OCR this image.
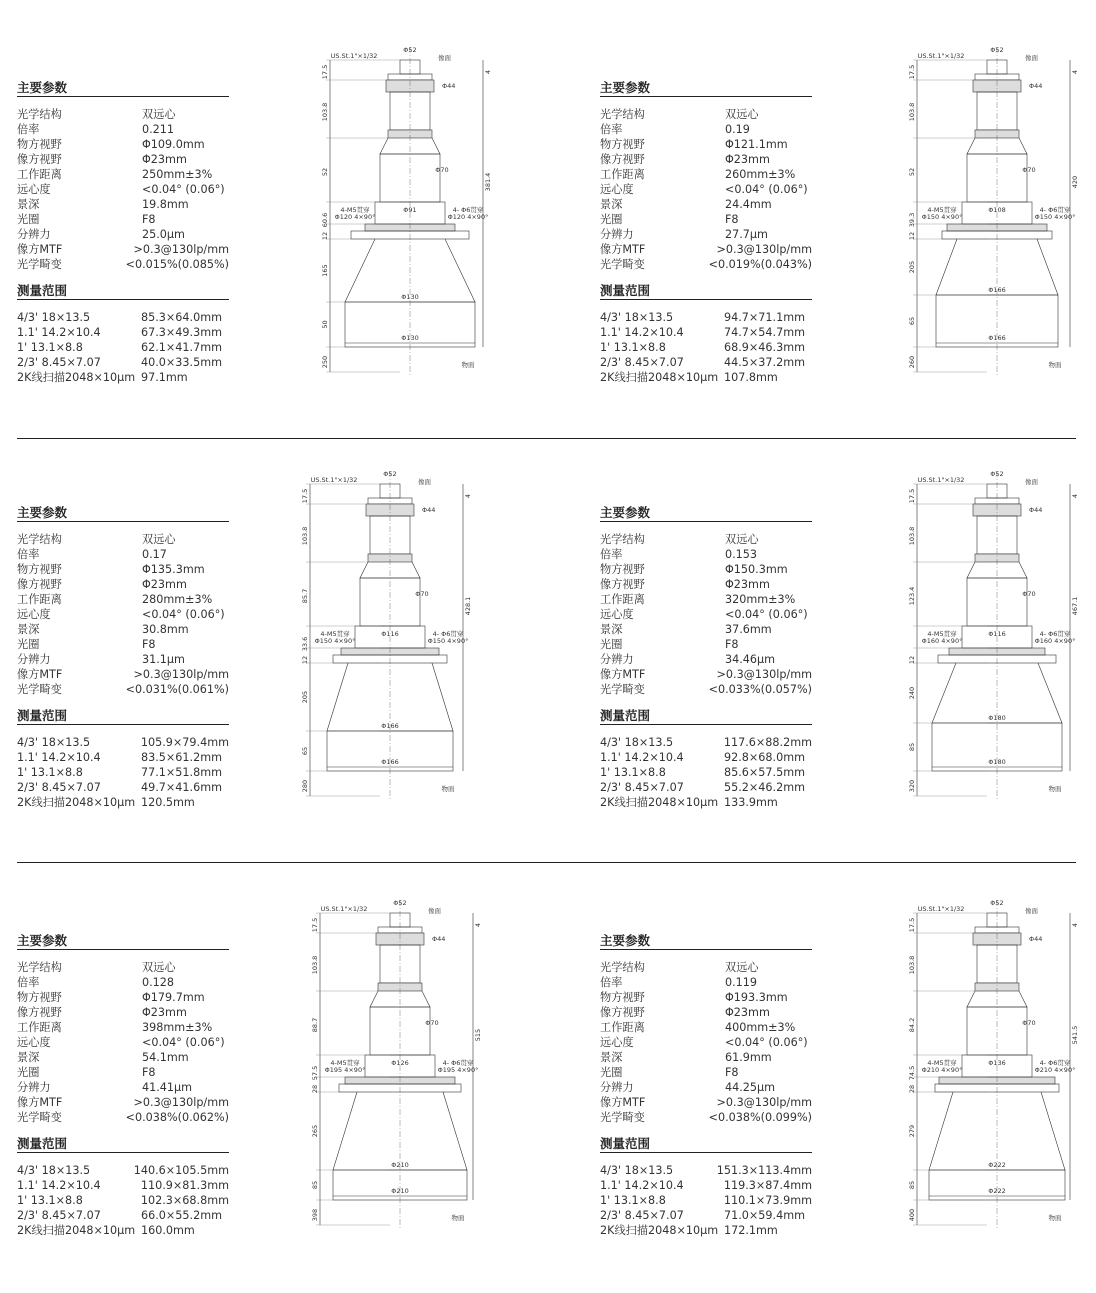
主要参数
光学结构	双远心
倍率	0.211
物方视野	Φ109.0mm
像方视野	Φ23mm
工作距离	250mm±3%
远心度	<0.04° (0.06°)
景深	19.8mm
光圈	F8
分辨力	25.0μm
像方MTF	>0.3@130lp/mm
光学畸变	<0.015%(0.085%)
测量范围
4/3' 18×13.5	85.3×64.0mm
1.1' 14.2×10.4	67.3×49.3mm
1' 13.1×8.8	62.1×41.7mm
2/3' 8.45×7.07	40.0×33.5mm
2K线扫描2048×10μm 97.1mm
Φ52
Φ44
Φ70
Φ91
Φ130
Φ130
4-M5贯穿
Φ120 4×90°
4- Φ6贯穿
Φ120 4×90°
US.St.1"×1/32	像面
物面
17.5
103.8
52
60.6
12
165
50
250
381.4
4
主要参数
光学结构	双远心
倍率	0.19
物方视野	Φ121.1mm
像方视野	Φ23mm
工作距离	260mm±3%
远心度	<0.04° (0.06°)
景深	24.4mm
光圈	F8
分辨力	27.7μm
像方MTF	>0.3@130lp/mm
光学畸变	<0.019%(0.043%)
测量范围
4/3' 18×13.5	94.7×71.1mm
1.1' 14.2×10.4	74.7×54.7mm
1' 13.1×8.8	68.9×46.3mm
2/3' 8.45×7.07	44.5×37.2mm
2K线扫描2048×10μm 107.8mm
Φ52
Φ44
Φ70
Φ108
Φ166
Φ166
4-M5贯穿
Φ150 4×90°
4- Φ6贯穿
Φ150 4×90°
US.St.1"×1/32	像面
物面
17.5
103.8
52
39.3
12
205
65
260
420
4
主要参数
光学结构	双远心
倍率	0.17
物方视野	Φ135.3mm
像方视野	Φ23mm
工作距离	280mm±3%
远心度	<0.04° (0.06°)
景深	30.8mm
光圈	F8
分辨力	31.1μm
像方MTF	>0.3@130lp/mm
光学畸变	<0.031%(0.061%)
测量范围
4/3' 18×13.5	105.9×79.4mm
1.1' 14.2×10.4	83.5×61.2mm
1' 13.1×8.8	77.1×51.8mm
2/3' 8.45×7.07	49.7×41.6mm
2K线扫描2048×10μm 120.5mm
Φ52
Φ44
Φ70
Φ116
Φ166
Φ166
4-M5贯穿
Φ150 4×90°
4- Φ6贯穿
Φ150 4×90°
US.St.1"×1/32	像面
物面
17.5
103.8
85.7
33.6
12
205
65
280
428.1
4
主要参数
光学结构	双远心
倍率	0.153
物方视野	Φ150.3mm
像方视野	Φ23mm
工作距离	320mm±3%
远心度	<0.04° (0.06°)
景深	37.6mm
光圈	F8
分辨力	34.46μm
像方MTF	>0.3@130lp/mm
光学畸变	<0.033%(0.057%)
测量范围
4/3' 18×13.5	117.6×88.2mm
1.1' 14.2×10.4	92.8×68.0mm
1' 13.1×8.8	85.6×57.5mm
2/3' 8.45×7.07	55.2×46.2mm
2K线扫描2048×10μm 133.9mm
Φ52
Φ44
Φ70
Φ116
Φ180
Φ180
4-M5贯穿
Φ160 4×90°
4- Φ6贯穿
Φ160 4×90°
US.St.1"×1/32	像面
物面
17.5
103.8
123.4
12
240
85
320
467.1
4
主要参数
光学结构	双远心
倍率	0.128
物方视野	Φ179.7mm
像方视野	Φ23mm
工作距离	398mm±3%
远心度	<0.04° (0.06°)
景深	54.1mm
光圈	F8
分辨力	41.41μm
像方MTF	>0.3@130lp/mm
光学畸变	<0.038%(0.062%)
测量范围
4/3' 18×13.5	140.6×105.5mm
1.1' 14.2×10.4	110.9×81.3mm
1' 13.1×8.8	102.3×68.8mm
2/3' 8.45×7.07	66.0×55.2mm
2K线扫描2048×10μm 160.0mm
Φ52
Φ44
Φ70
Φ126
Φ210
Φ210
4-M5贯穿
Φ195 4×90°
4- Φ6贯穿
Φ195 4×90°
US.St.1"×1/32	像面
物面
17.5
103.8
88.7
57.5
28
265
85
398
515
4
主要参数
光学结构	双远心
倍率	0.119
物方视野	Φ193.3mm
像方视野	Φ23mm
工作距离	400mm±3%
远心度	<0.04° (0.06°)
景深	61.9mm
光圈	F8
分辨力	44.25μm
像方MTF	>0.3@130lp/mm
光学畸变	<0.038%(0.099%)
测量范围
4/3' 18×13.5	151.3×113.4mm
1.1' 14.2×10.4	119.3×87.4mm
1' 13.1×8.8	110.1×73.9mm
2/3' 8.45×7.07	71.0×59.4mm
2K线扫描2048×10μm 172.1mm
Φ52
Φ44
Φ70
Φ136
Φ222
Φ222
4-M5贯穿
Φ210 4×90°
4- Φ6贯穿
Φ210 4×90°
US.St.1"×1/32	像面
物面
17.5
103.8
84.2
74.5
28
279
85
400
541.5
4
